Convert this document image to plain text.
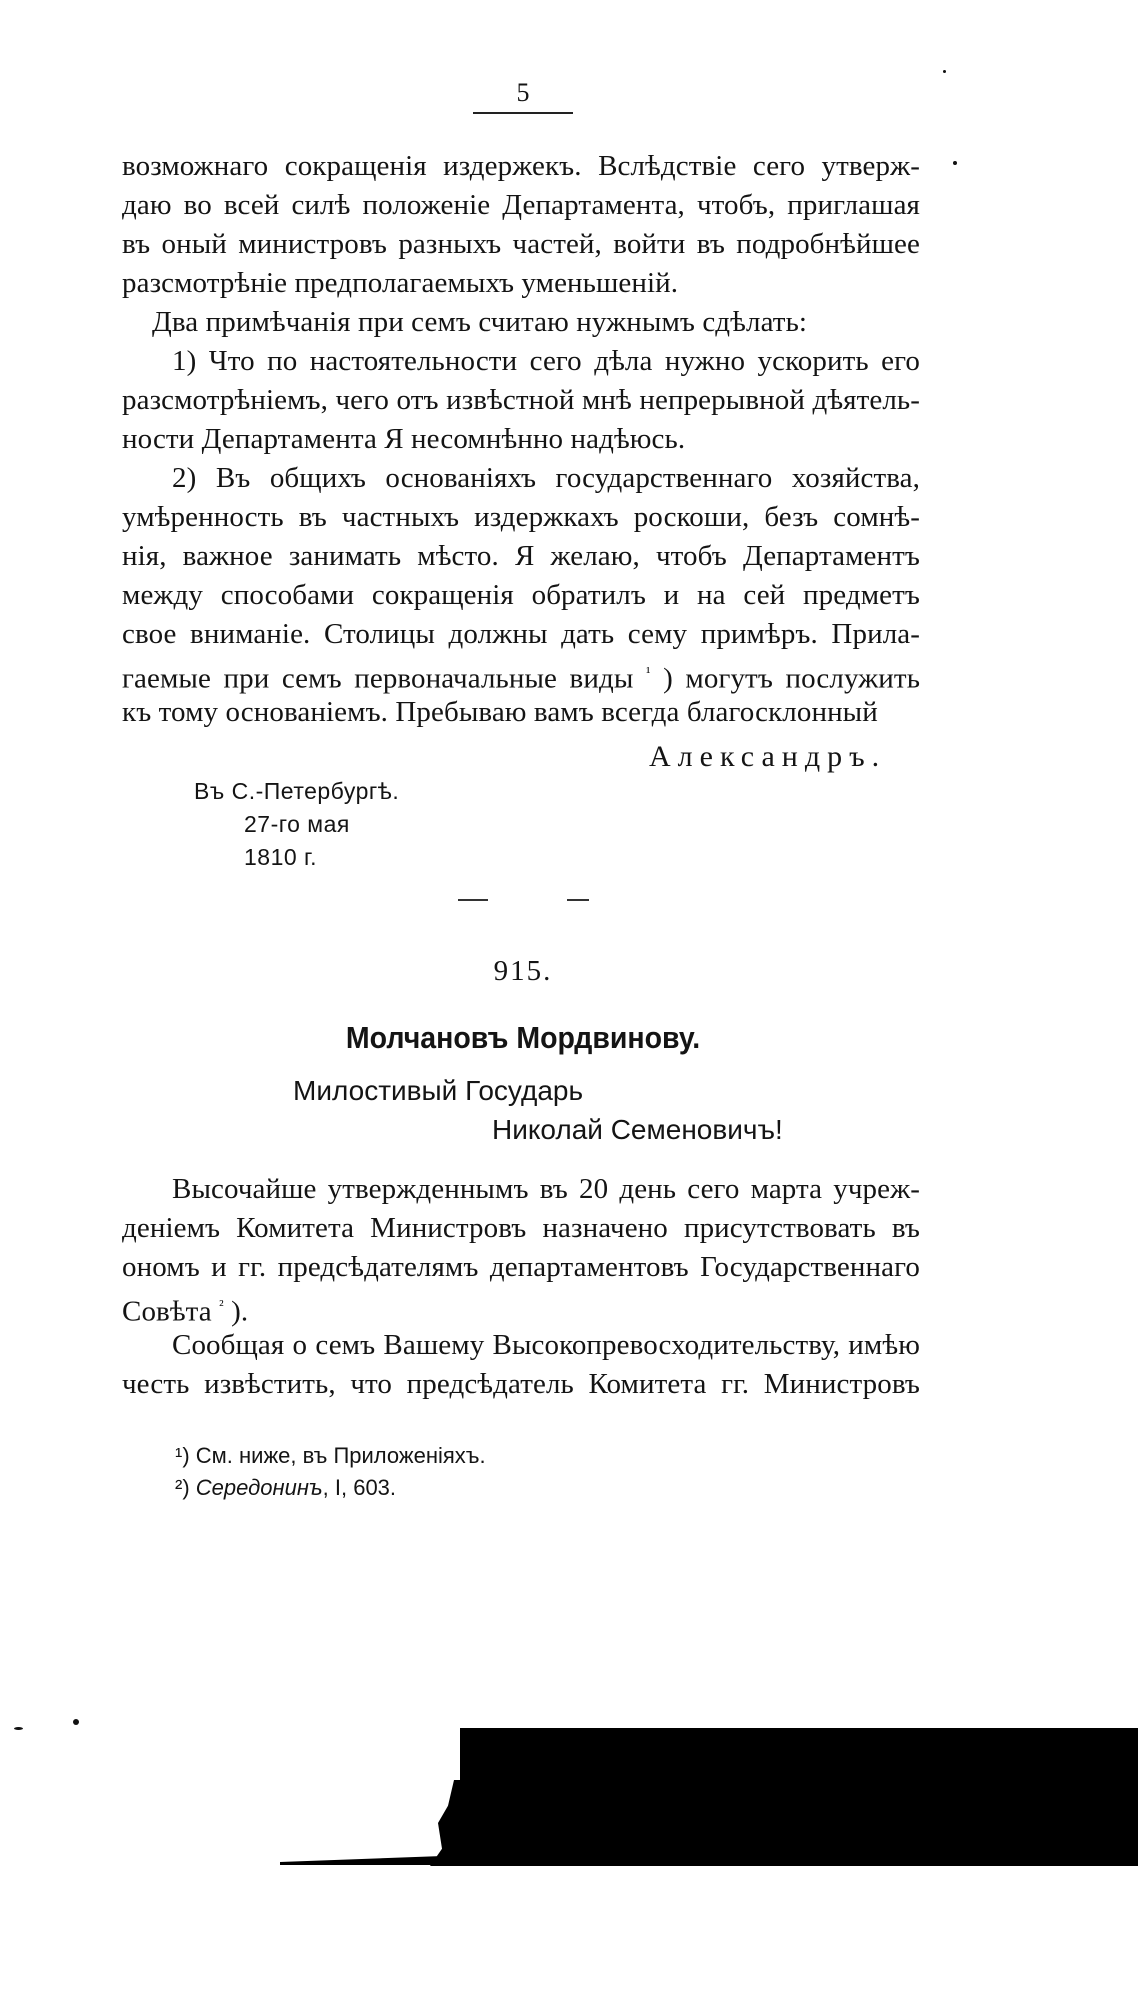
5
возможнаго сокращенія издержекъ. Вслѣдствіе сего утверж-
даю во всей силѣ положеніе Департамента, чтобъ, приглашая
въ оный министровъ разныхъ частей, войти въ подробнѣйшее
разсмотрѣніе предполагаемыхъ уменьшеній.
Два примѣчанія при семъ считаю нужнымъ сдѣлать:
1) Что по настоятельности сего дѣла нужно ускорить его
разсмотрѣніемъ, чего отъ извѣстной мнѣ непрерывной дѣятель-
ности Департамента Я несомнѣнно надѣюсь.
2) Въ общихъ основаніяхъ государственнаго хозяйства,
умѣренность въ частныхъ издержкахъ роскоши, безъ сомнѣ-
нія, важное занимать мѣсто. Я желаю, чтобъ Департаментъ
между способами сокращенія обратилъ и на сей предметъ
свое вниманіе. Столицы должны дать сему примѣръ. Прила-
гаемые при семъ первоначальные виды $^{^1}$ ) могутъ послужить
къ тому основаніемъ. Пребываю вамъ всегда благосклонный
Александръ.
Въ С.-Петербургѣ.
27-го мая
1810 г.
915.
Молчановъ Мордвинову.
Милостивый Государь
Николай Семеновичъ!
Высочайше утвержденнымъ въ 20 день сего марта учреж-
деніемъ Комитета Министровъ назначено присутствовать въ
ономъ и гг. предсѣдателямъ департаментовъ Государственнаго
Совѣта $^{^2}$ ).
Сообщая о семъ Вашему Высокопревосходительству, имѣю
честь извѣстить, что предсѣдатель Комитета гг. Министровъ
¹) См. ниже, въ Приложеніяхъ.
²) Середонинъ, I, 603.
